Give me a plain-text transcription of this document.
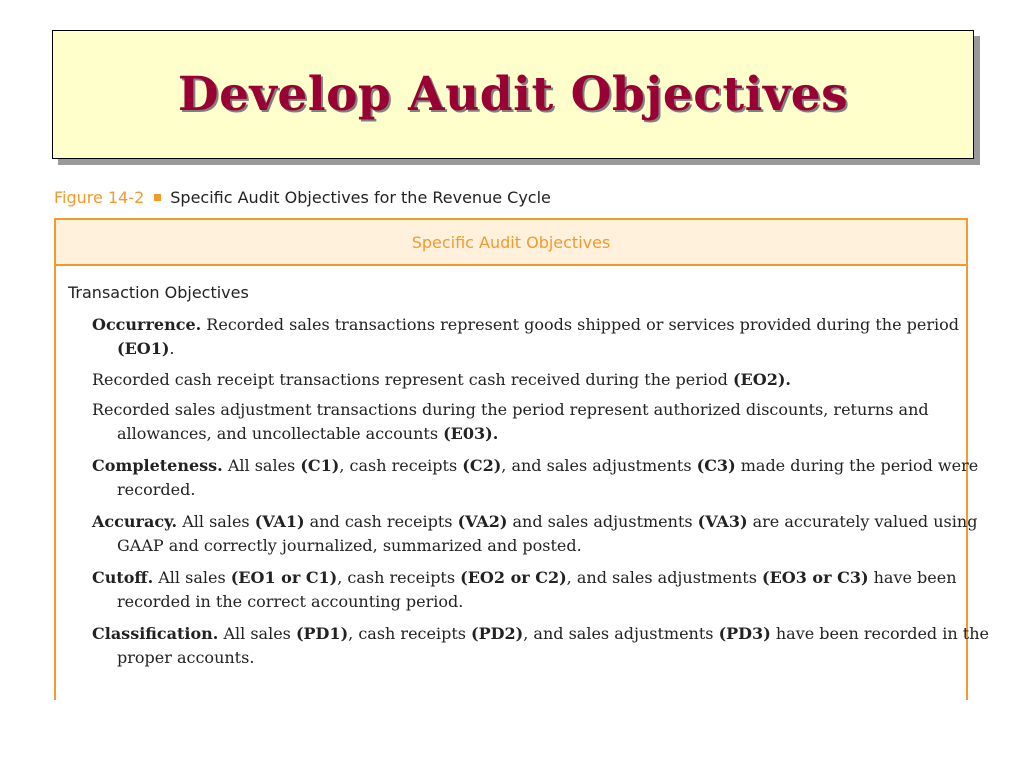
Develop Audit Objectives
Figure 14-2 Specific Audit Objectives for the Revenue Cycle
Specific Audit Objectives
Transaction Objectives
Occurrence. Recorded sales transactions represent goods shipped or services provided during the period
(EO1).
Recorded cash receipt transactions represent cash received during the period (EO2).
Recorded sales adjustment transactions during the period represent authorized discounts, returns and
allowances, and uncollectable accounts (E03).
Completeness. All sales (C1), cash receipts (C2), and sales adjustments (C3) made during the period were
recorded.
Accuracy. All sales (VA1) and cash receipts (VA2) and sales adjustments (VA3) are accurately valued using
GAAP and correctly journalized, summarized and posted.
Cutoff. All sales (EO1 or C1), cash receipts (EO2 or C2), and sales adjustments (EO3 or C3) have been
recorded in the correct accounting period.
Classification. All sales (PD1), cash receipts (PD2), and sales adjustments (PD3) have been recorded in the
proper accounts.
